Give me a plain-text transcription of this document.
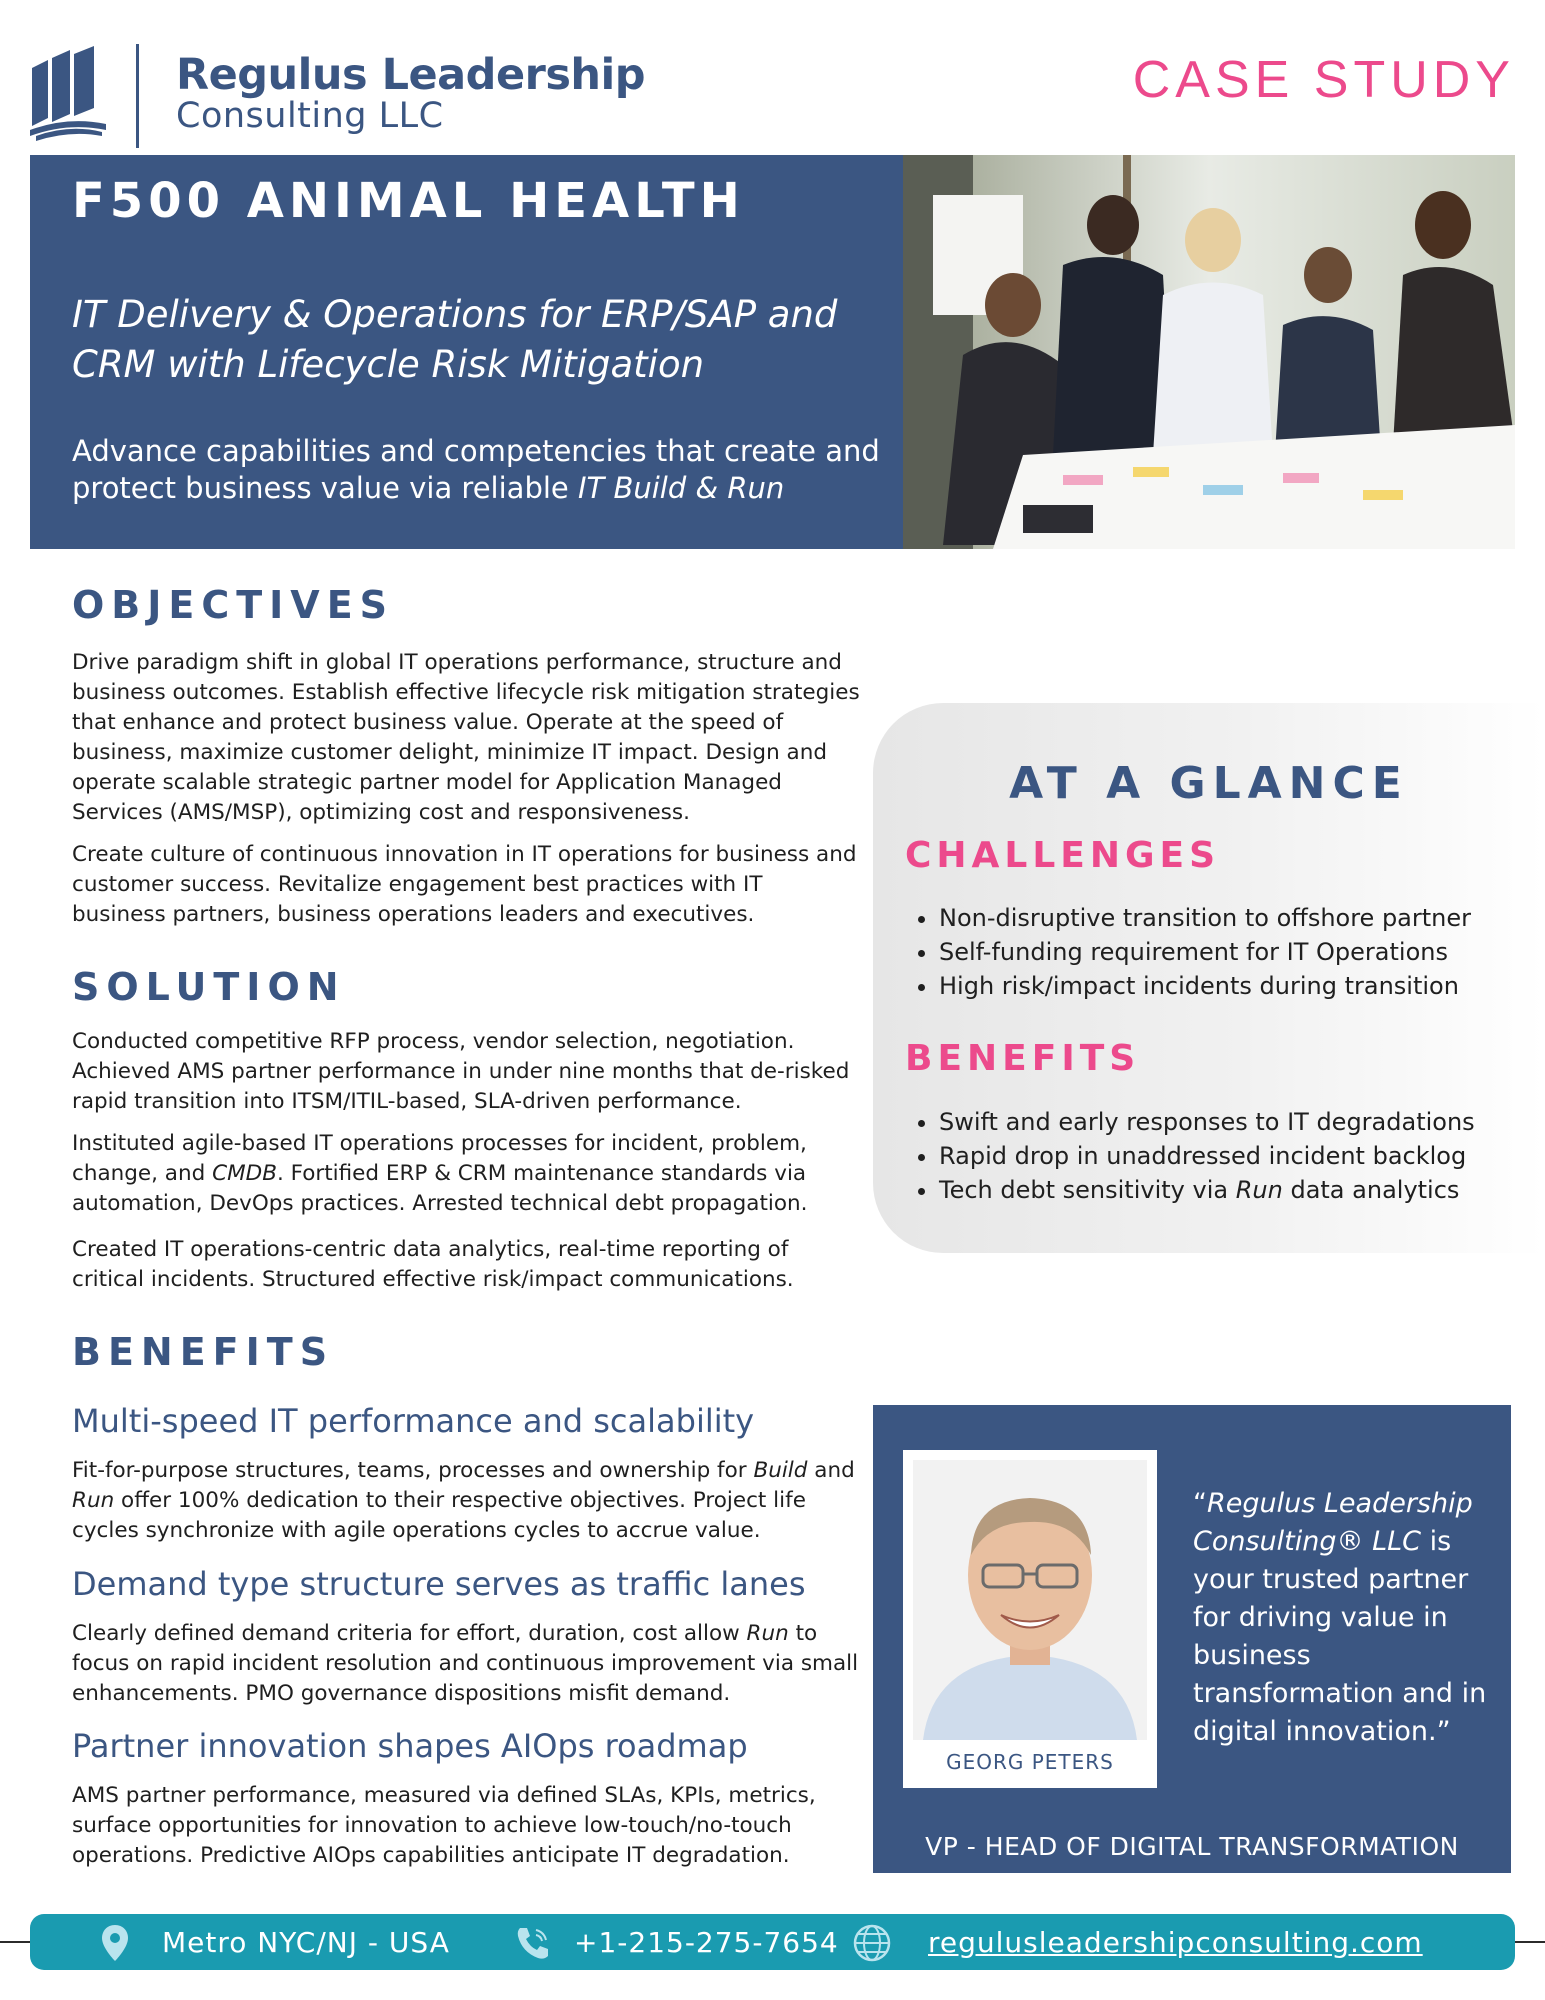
Regulus Leadership
Consulting LLC
CASE STUDY
F500 ANIMAL HEALTH
IT Delivery & Operations for ERP/SAP and CRM with Lifecycle Risk Mitigation
Advance capabilities and competencies that create and protect business value via reliable IT Build & Run
OBJECTIVES
Drive paradigm shift in global IT operations performance, structure and business outcomes. Establish effective lifecycle risk mitigation strategies that enhance and protect business value. Operate at the speed of business, maximize customer delight, minimize IT impact. Design and operate scalable strategic partner model for Application Managed Services (AMS/MSP), optimizing cost and responsiveness.
Create culture of continuous innovation in IT operations for business and customer success. Revitalize engagement best practices with IT business partners, business operations leaders and executives.
SOLUTION
Conducted competitive RFP process, vendor selection, negotiation. Achieved AMS partner performance in under nine months that de-risked rapid transition into ITSM/ITIL-based, SLA-driven performance.
Instituted agile-based IT operations processes for incident, problem, change, and CMDB. Fortified ERP & CRM maintenance standards via automation, DevOps practices. Arrested technical debt propagation.
Created IT operations-centric data analytics, real-time reporting of critical incidents. Structured effective risk/impact communications.
BENEFITS
Multi-speed IT performance and scalability
Fit-for-purpose structures, teams, processes and ownership for Build and Run offer 100% dedication to their respective objectives. Project life cycles synchronize with agile operations cycles to accrue value.
Demand type structure serves as traffic lanes
Clearly defined demand criteria for effort, duration, cost allow Run to focus on rapid incident resolution and continuous improvement via small enhancements. PMO governance dispositions misfit demand.
Partner innovation shapes AIOps roadmap
AMS partner performance, measured via defined SLAs, KPIs, metrics, surface opportunities for innovation to achieve low-touch/no-touch operations. Predictive AIOps capabilities anticipate IT degradation.
AT A GLANCE
CHALLENGES
• Non-disruptive transition to offshore partner
• Self-funding requirement for IT Operations
• High risk/impact incidents during transition
BENEFITS
• Swift and early responses to IT degradations
• Rapid drop in unaddressed incident backlog
• Tech debt sensitivity via Run data analytics
GEORG PETERS
“Regulus Leadership Consulting® LLC is your trusted partner for driving value in business transformation and in digital innovation.”
VP - HEAD OF DIGITAL TRANSFORMATION
Metro NYC/NJ - USA	+1-215-275-7654	regulusleadershipconsulting.com
